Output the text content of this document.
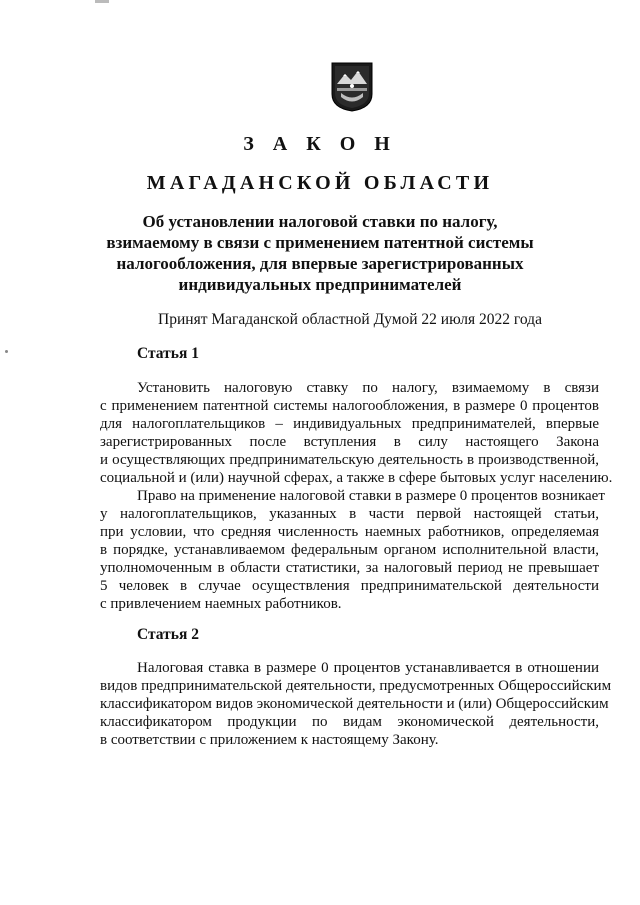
З А К О Н
МАГАДАНСКОЙ ОБЛАСТИ
Об установлении налоговой ставки по налогу,
взимаемому в связи с применением патентной системы
налогообложения, для впервые зарегистрированных
индивидуальных предпринимателей
Принят Магаданской областной Думой 22 июля 2022 года
Статья 1
Установить налоговую ставку по налогу, взимаемому в связи
с применением патентной системы налогообложения, в размере 0 процентов
для налогоплательщиков – индивидуальных предпринимателей, впервые
зарегистрированных после вступления в силу настоящего Закона
и осуществляющих предпринимательскую деятельность в производственной,
социальной и (или) научной сферах, а также в сфере бытовых услуг населению.
Право на применение налоговой ставки в размере 0 процентов возникает
у налогоплательщиков, указанных в части первой настоящей статьи,
при условии, что средняя численность наемных работников, определяемая
в порядке, устанавливаемом федеральным органом исполнительной власти,
уполномоченным в области статистики, за налоговый период не превышает
5 человек в случае осуществления предпринимательской деятельности
с привлечением наемных работников.
Статья 2
Налоговая ставка в размере 0 процентов устанавливается в отношении
видов предпринимательской деятельности, предусмотренных Общероссийским
классификатором видов экономической деятельности и (или) Общероссийским
классификатором продукции по видам экономической деятельности,
в соответствии с приложением к настоящему Закону.
